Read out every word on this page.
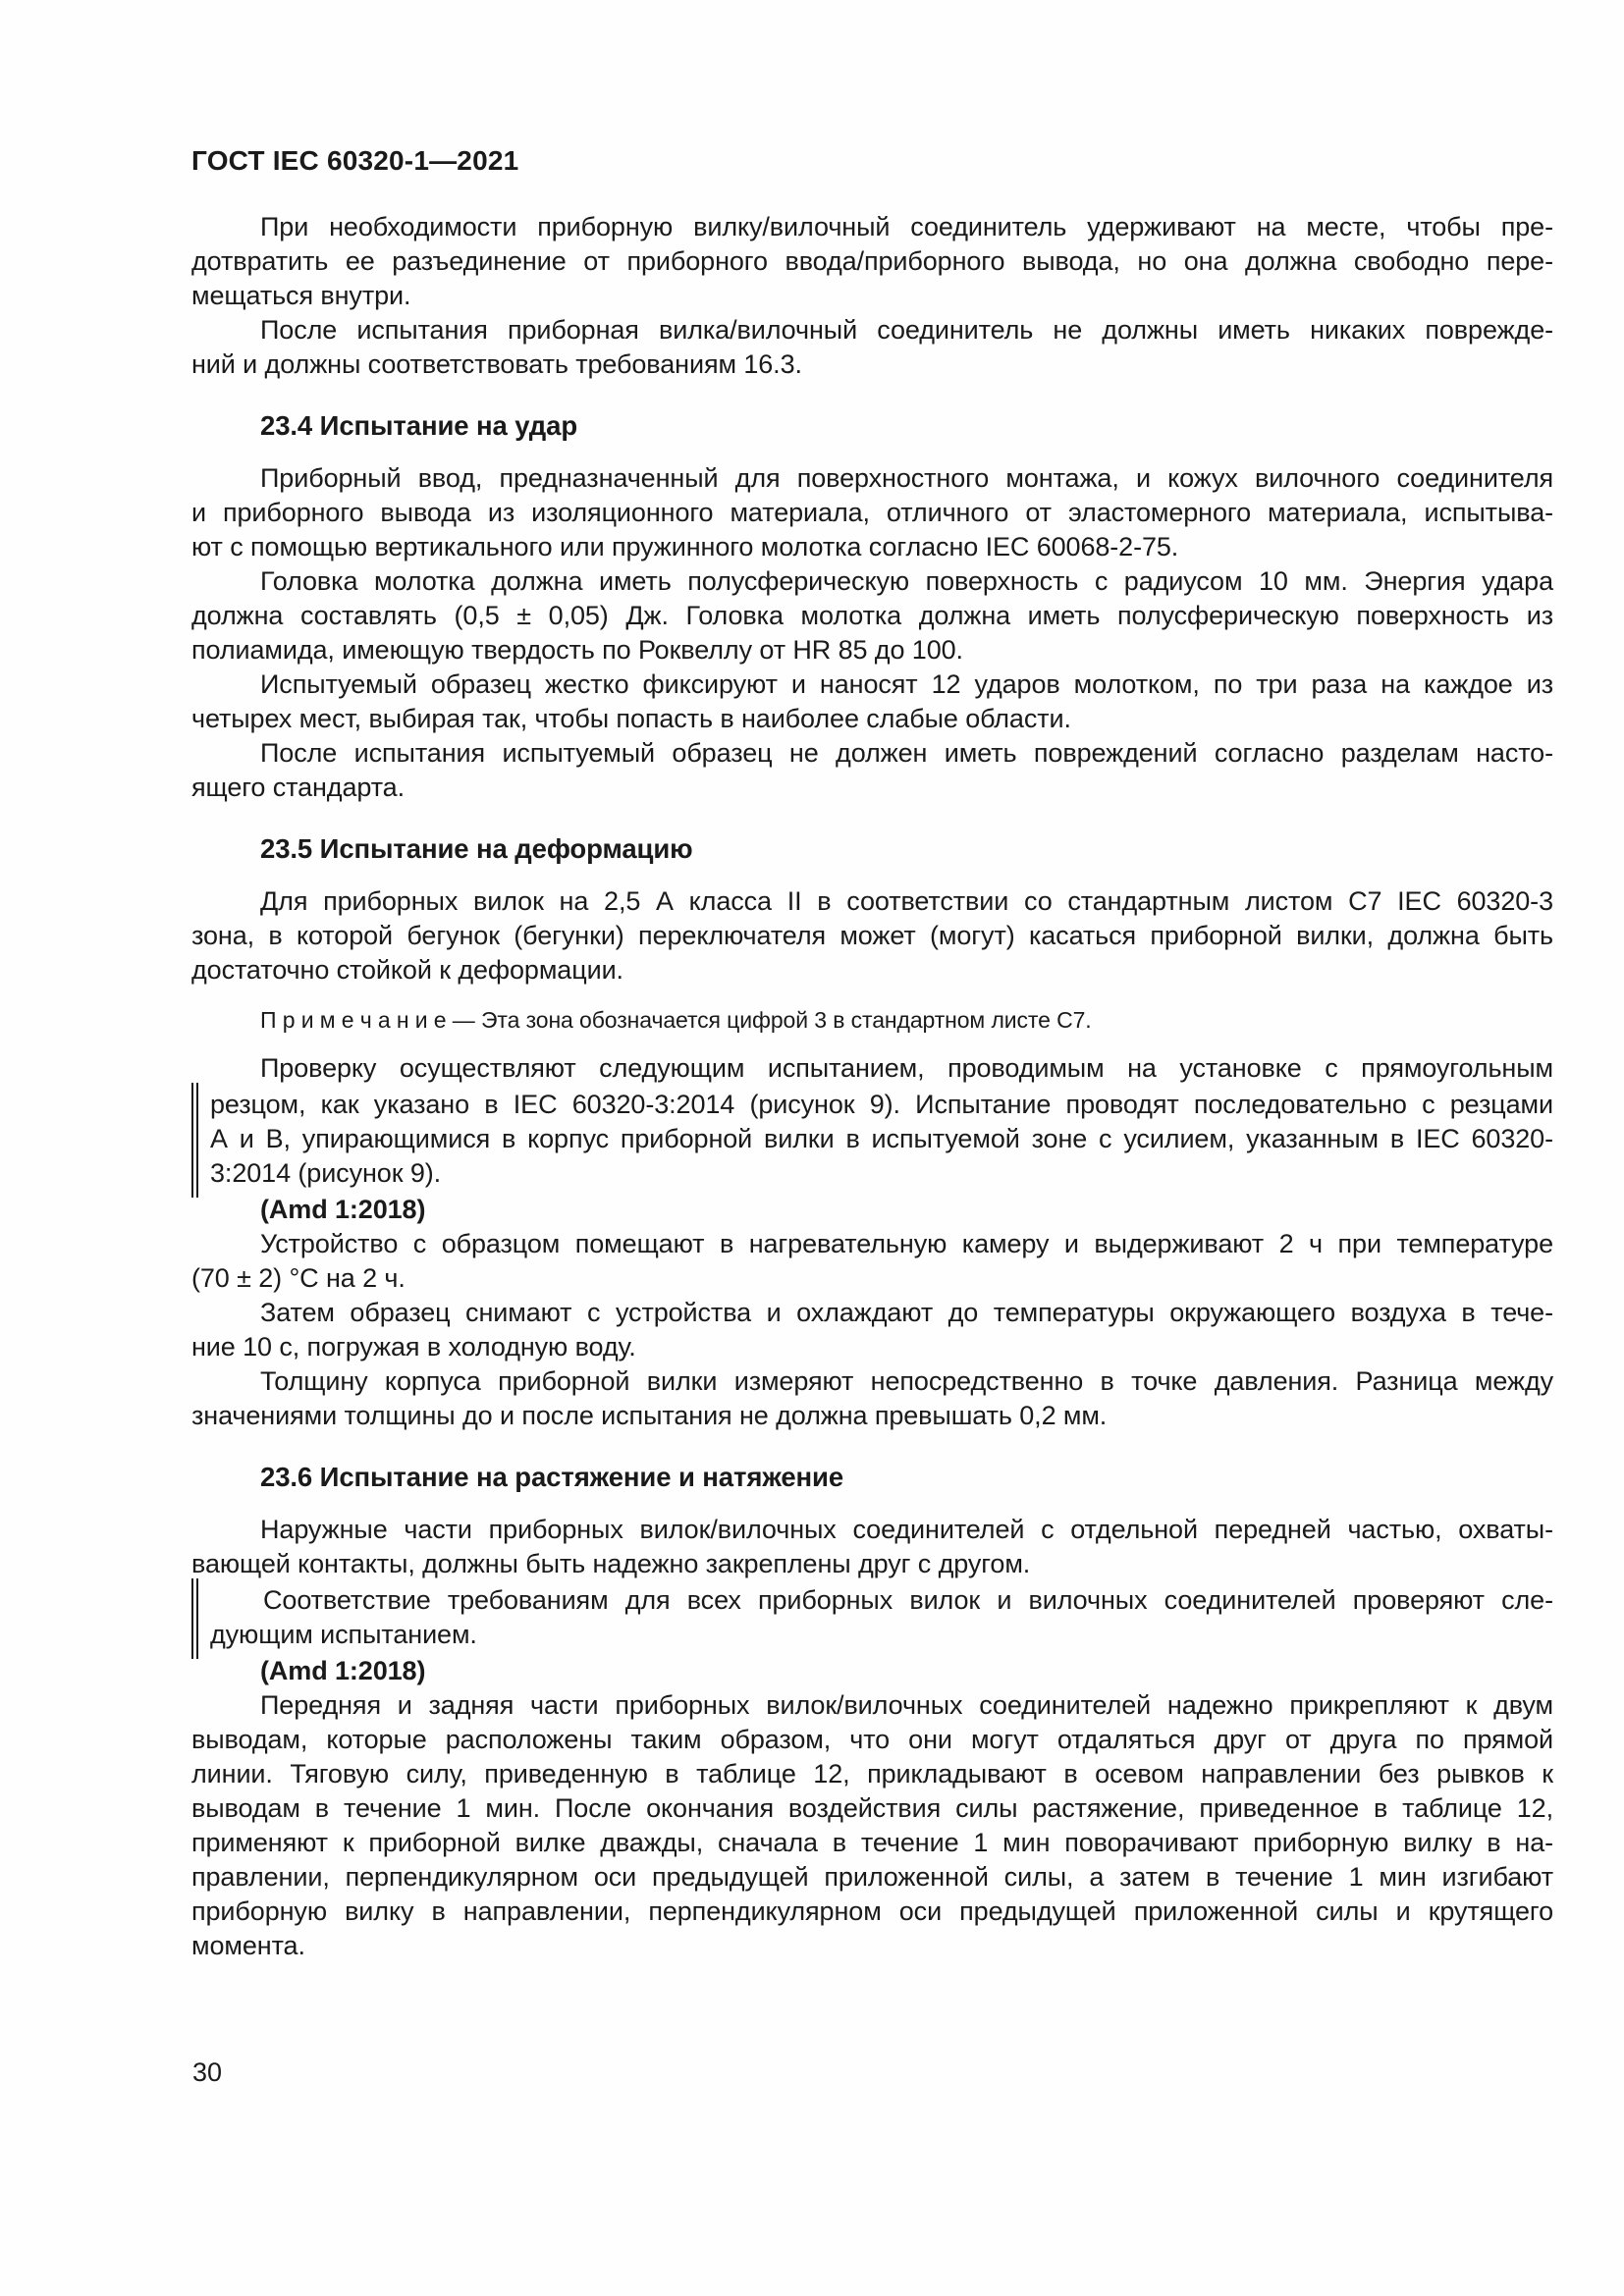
ГОСТ IEC 60320-1—2021
При необходимости приборную вилку/вилочный соединитель удерживают на месте, чтобы пре-
дотвратить ее разъединение от приборного ввода/приборного вывода, но она должна свободно пере-
мещаться внутри.
После испытания приборная вилка/вилочный соединитель не должны иметь никаких поврежде-
ний и должны соответствовать требованиям 16.3.
23.4 Испытание на удар
Приборный ввод, предназначенный для поверхностного монтажа, и кожух вилочного соединителя
и приборного вывода из изоляционного материала, отличного от эластомерного материала, испытыва-
ют с помощью вертикального или пружинного молотка согласно IEC 60068-2-75.
Головка молотка должна иметь полусферическую поверхность с радиусом 10 мм. Энергия удара
должна составлять (0,5 ± 0,05) Дж. Головка молотка должна иметь полусферическую поверхность из
полиамида, имеющую твердость по Роквеллу от HR 85 до 100.
Испытуемый образец жестко фиксируют и наносят 12 ударов молотком, по три раза на каждое из
четырех мест, выбирая так, чтобы попасть в наиболее слабые области.
После испытания испытуемый образец не должен иметь повреждений согласно разделам насто-
ящего стандарта.
23.5 Испытание на деформацию
Для приборных вилок на 2,5 А класса II в соответствии со стандартным листом C7 IEC 60320-3
зона, в которой бегунок (бегунки) переключателя может (могут) касаться приборной вилки, должна быть
достаточно стойкой к деформации.
П р и м е ч а н и е — Эта зона обозначается цифрой 3 в стандартном листе C7.
Проверку осуществляют следующим испытанием, проводимым на установке с прямоугольным
резцом, как указано в IEC 60320-3:2014 (рисунок 9). Испытание проводят последовательно с резцами
А и В, упирающимися в корпус приборной вилки в испытуемой зоне с усилием, указанным в IEC 60320-
3:2014 (рисунок 9).
(Amd 1:2018)
Устройство с образцом помещают в нагревательную камеру и выдерживают 2 ч при температуре
(70 ± 2) °С на 2 ч.
Затем образец снимают с устройства и охлаждают до температуры окружающего воздуха в тече-
ние 10 с, погружая в холодную воду.
Толщину корпуса приборной вилки измеряют непосредственно в точке давления. Разница между
значениями толщины до и после испытания не должна превышать 0,2 мм.
23.6 Испытание на растяжение и натяжение
Наружные части приборных вилок/вилочных соединителей с отдельной передней частью, охваты-
вающей контакты, должны быть надежно закреплены друг с другом.
Соответствие требованиям для всех приборных вилок и вилочных соединителей проверяют сле-
дующим испытанием.
(Amd 1:2018)
Передняя и задняя части приборных вилок/вилочных соединителей надежно прикрепляют к двум
выводам, которые расположены таким образом, что они могут отдаляться друг от друга по прямой
линии. Тяговую силу, приведенную в таблице 12, прикладывают в осевом направлении без рывков к
выводам в течение 1 мин. После окончания воздействия силы растяжение, приведенное в таблице 12,
применяют к приборной вилке дважды, сначала в течение 1 мин поворачивают приборную вилку в на-
правлении, перпендикулярном оси предыдущей приложенной силы, а затем в течение 1 мин изгибают
приборную вилку в направлении, перпендикулярном оси предыдущей приложенной силы и крутящего
момента.
30
